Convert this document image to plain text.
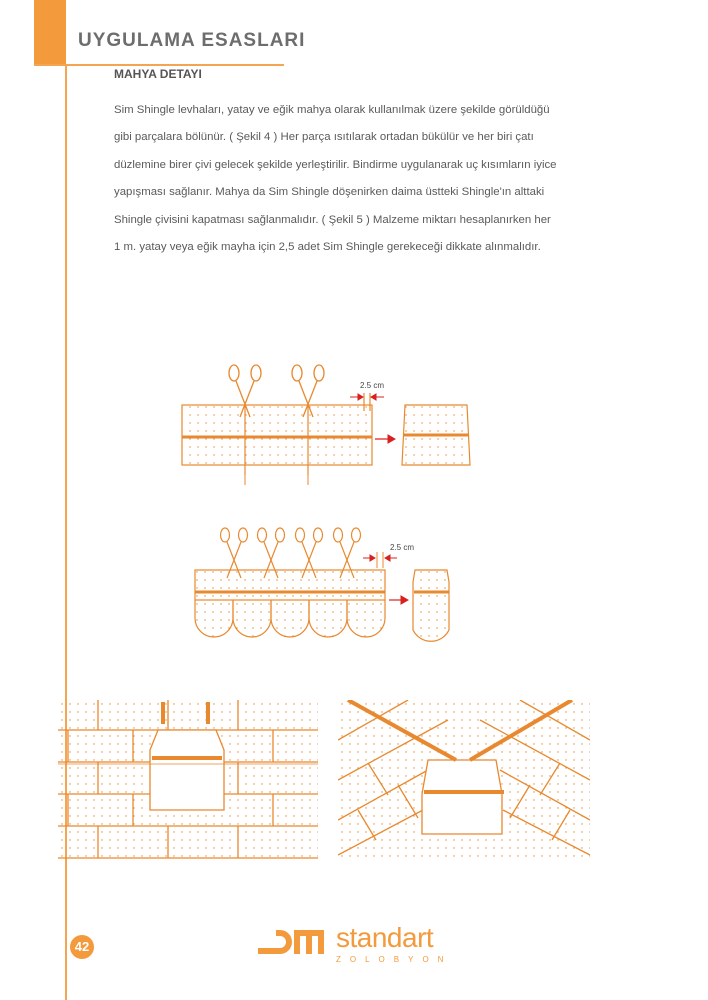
UYGULAMA ESASLARI
MAHYA DETAYI
Sim Shingle levhaları, yatay ve eğik mahya olarak kullanılmak üzere şekilde görüldüğü
gibi parçalara bölünür. ( Şekil 4 ) Her parça ısıtılarak ortadan bükülür ve her biri çatı
düzlemine birer çivi gelecek şekilde yerleştirilir. Bindirme uygulanarak uç kısımların iyice
yapışması sağlanır. Mahya da Sim Shingle döşenirken daima üstteki Shingle'ın alttaki
Shingle çivisini kapatması sağlanmalıdır. ( Şekil 5 ) Malzeme miktarı hesaplanırken her
1 m. yatay veya eğik mayha için 2,5 adet Sim Shingle gerekeceği dikkate alınmalıdır.
2.5 cm
2.5 cm
42	standart
ZOLOBYON
